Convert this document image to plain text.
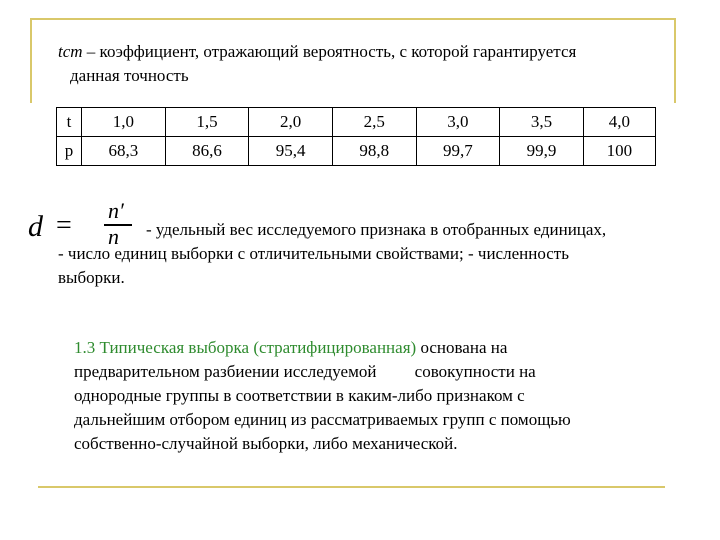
tcm – коэффициент, отражающий вероятность, с которой гарантируется
данная точность
t	1,0	1,5	2,0	2,5	3,0	3,5	4,0
p	68,3	86,6	95,4	98,8	99,7	99,9	100
d = n′
n	- удельный вес исследуемого признака в отобранных единицах,
- число единиц выборки с отличительными свойствами; - численность
выборки.
1.3 Типическая выборка (стратифицированная) основана на
предварительном разбиении исследуемой         совокупности на
однородные группы в соответствии в каким-либо признаком с
дальнейшим отбором единиц из рассматриваемых групп с помощью
собственно-случайной выборки, либо механической.
